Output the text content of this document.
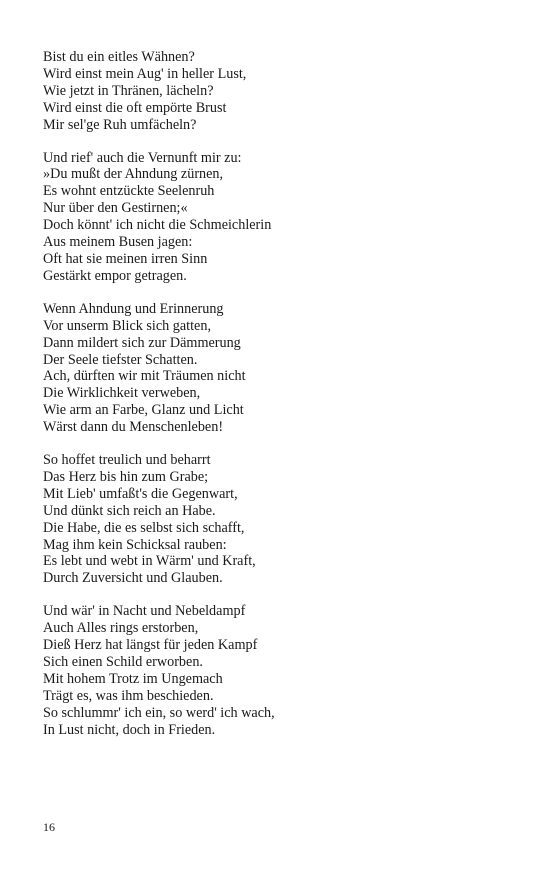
Bist du ein eitles Wähnen?
Wird einst mein Aug' in heller Lust,
Wie jetzt in Thränen, lächeln?
Wird einst die oft empörte Brust
Mir sel'ge Ruh umfächeln?
Und rief' auch die Vernunft mir zu:
»Du mußt der Ahndung zürnen,
Es wohnt entzückte Seelenruh
Nur über den Gestirnen;«
Doch könnt' ich nicht die Schmeichlerin
Aus meinem Busen jagen:
Oft hat sie meinen irren Sinn
Gestärkt empor getragen.
Wenn Ahndung und Erinnerung
Vor unserm Blick sich gatten,
Dann mildert sich zur Dämmerung
Der Seele tiefster Schatten.
Ach, dürften wir mit Träumen nicht
Die Wirklichkeit verweben,
Wie arm an Farbe, Glanz und Licht
Wärst dann du Menschenleben!
So hoffet treulich und beharrt
Das Herz bis hin zum Grabe;
Mit Lieb' umfaßt's die Gegenwart,
Und dünkt sich reich an Habe.
Die Habe, die es selbst sich schafft,
Mag ihm kein Schicksal rauben:
Es lebt und webt in Wärm' und Kraft,
Durch Zuversicht und Glauben.
Und wär' in Nacht und Nebeldampf
Auch Alles rings erstorben,
Dieß Herz hat längst für jeden Kampf
Sich einen Schild erworben.
Mit hohem Trotz im Ungemach
Trägt es, was ihm beschieden.
So schlummr' ich ein, so werd' ich wach,
In Lust nicht, doch in Frieden.
16
